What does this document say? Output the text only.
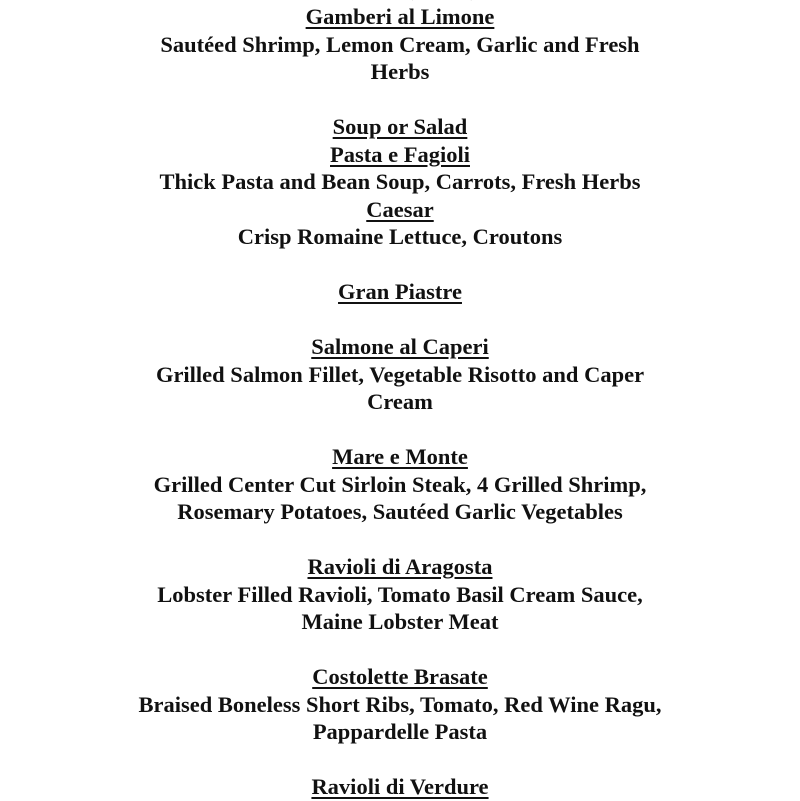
Gamberi al Limone
Sautéed Shrimp, Lemon Cream, Garlic and Fresh
Herbs
Soup or Salad
Pasta e Fagioli
Thick Pasta and Bean Soup, Carrots, Fresh Herbs
Caesar
Crisp Romaine Lettuce, Croutons
Gran Piastre
Salmone al Caperi
Grilled Salmon Fillet, Vegetable Risotto and Caper
Cream
Mare e Monte
Grilled Center Cut Sirloin Steak, 4 Grilled Shrimp,
Rosemary Potatoes, Sautéed Garlic Vegetables
Ravioli di Aragosta
Lobster Filled Ravioli, Tomato Basil Cream Sauce,
Maine Lobster Meat
Costolette Brasate
Braised Boneless Short Ribs, Tomato, Red Wine Ragu,
Pappardelle Pasta
Ravioli di Verdure
